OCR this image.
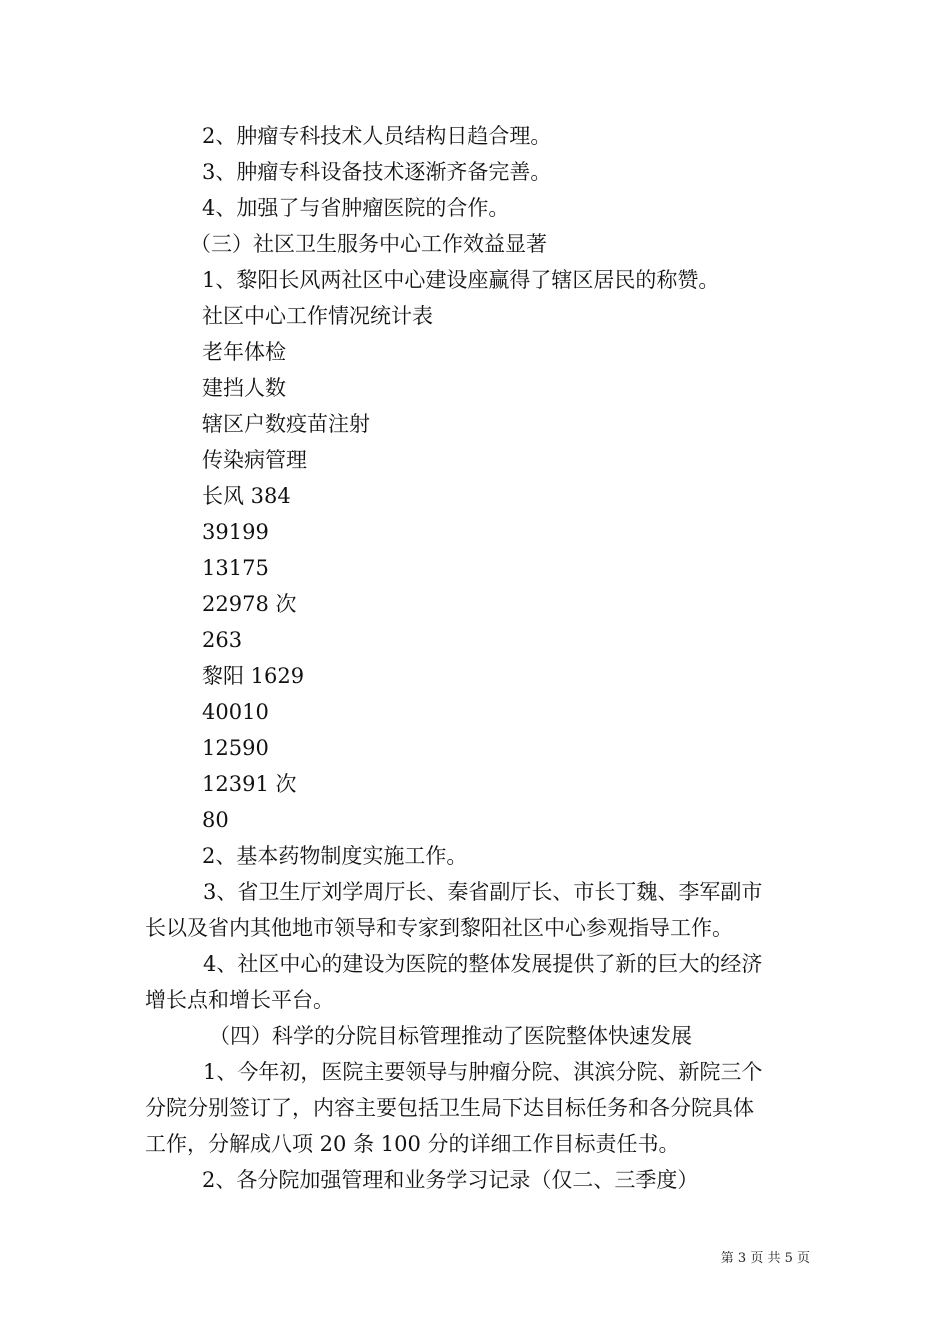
2、肿瘤专科技术人员结构日趋合理。
3、肿瘤专科设备技术逐渐齐备完善。
4、加强了与省肿瘤医院的合作。
（三）社区卫生服务中心工作效益显著
1、黎阳长风两社区中心建设座赢得了辖区居民的称赞。
社区中心工作情况统计表
老年体检
建挡人数
辖区户数疫苗注射
传染病管理
长风 384
39199
13175
22978 次
263
黎阳 1629
40010
12590
12391 次
80
2、基本药物制度实施工作。
3、省卫生厅刘学周厅长、秦省副厅长、市长丁魏、李军副市
长以及省内其他地市领导和专家到黎阳社区中心参观指导工作。
4、社区中心的建设为医院的整体发展提供了新的巨大的经济
增长点和增长平台。
（四）科学的分院目标管理推动了医院整体快速发展
1、今年初，医院主要领导与肿瘤分院、淇滨分院、新院三个
分院分别签订了，内容主要包括卫生局下达目标任务和各分院具体
工作，分解成八项 20 条 100 分的详细工作目标责任书。
2、各分院加强管理和业务学习记录（仅二、三季度）
第 3 页 共 5 页
